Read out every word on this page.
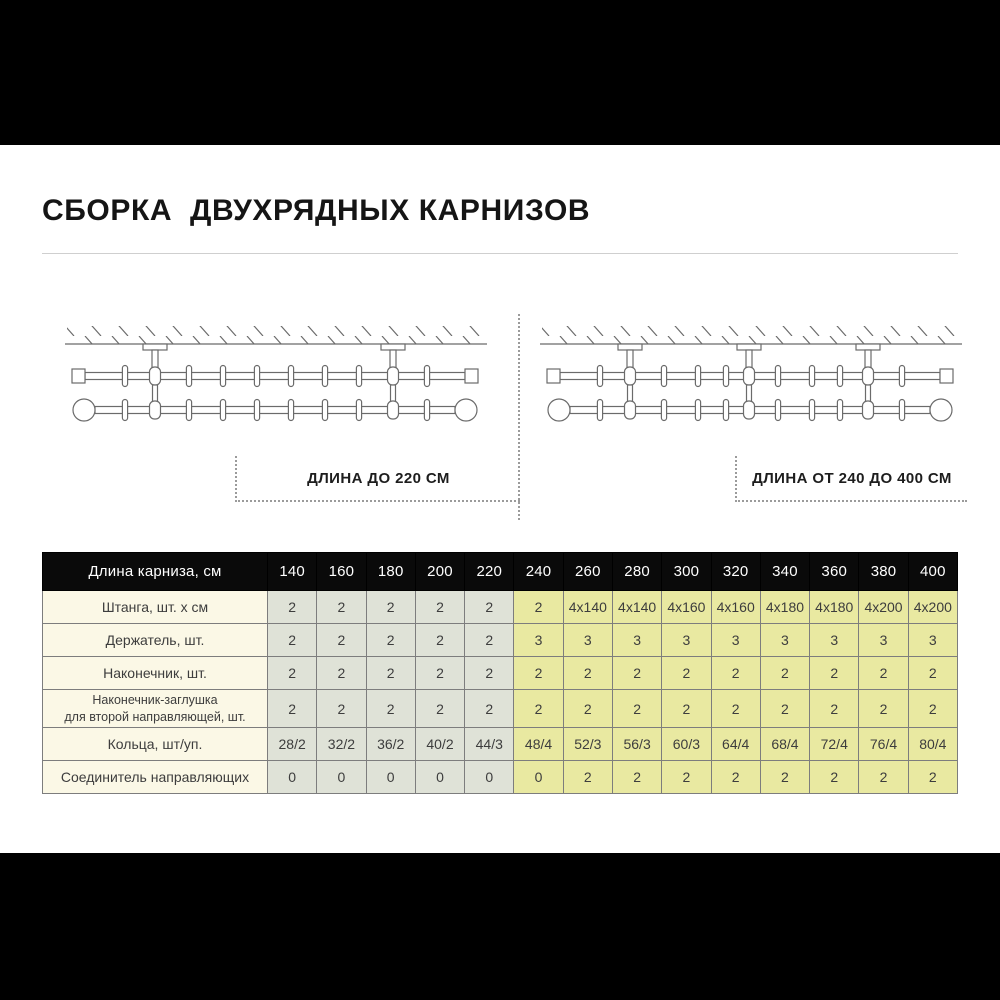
СБОРКА  ДВУХРЯДНЫХ КАРНИЗОВ
ДЛИНА ДО 220 СМ	ДЛИНА ОТ 240 ДО 400 СМ
Длина карниза, см	140	160	180	200	220	240	260	280	300	320	340	360	380	400
Штанга, шт. х см	2	2	2	2	2	2	4x140	4x140	4x160	4x160	4x180	4x180	4x200	4x200
Держатель, шт.	2	2	2	2	2	3	3	3	3	3	3	3	3	3
Наконечник, шт.	2	2	2	2	2	2	2	2	2	2	2	2	2	2
Наконечник-заглушка
для второй направляющей, шт.	2	2	2	2	2	2	2	2	2	2	2	2	2	2
Кольца, шт/уп.	28/2	32/2	36/2	40/2	44/3	48/4	52/3	56/3	60/3	64/4	68/4	72/4	76/4	80/4
Соединитель направляющих	0	0	0	0	0	0	2	2	2	2	2	2	2	2
